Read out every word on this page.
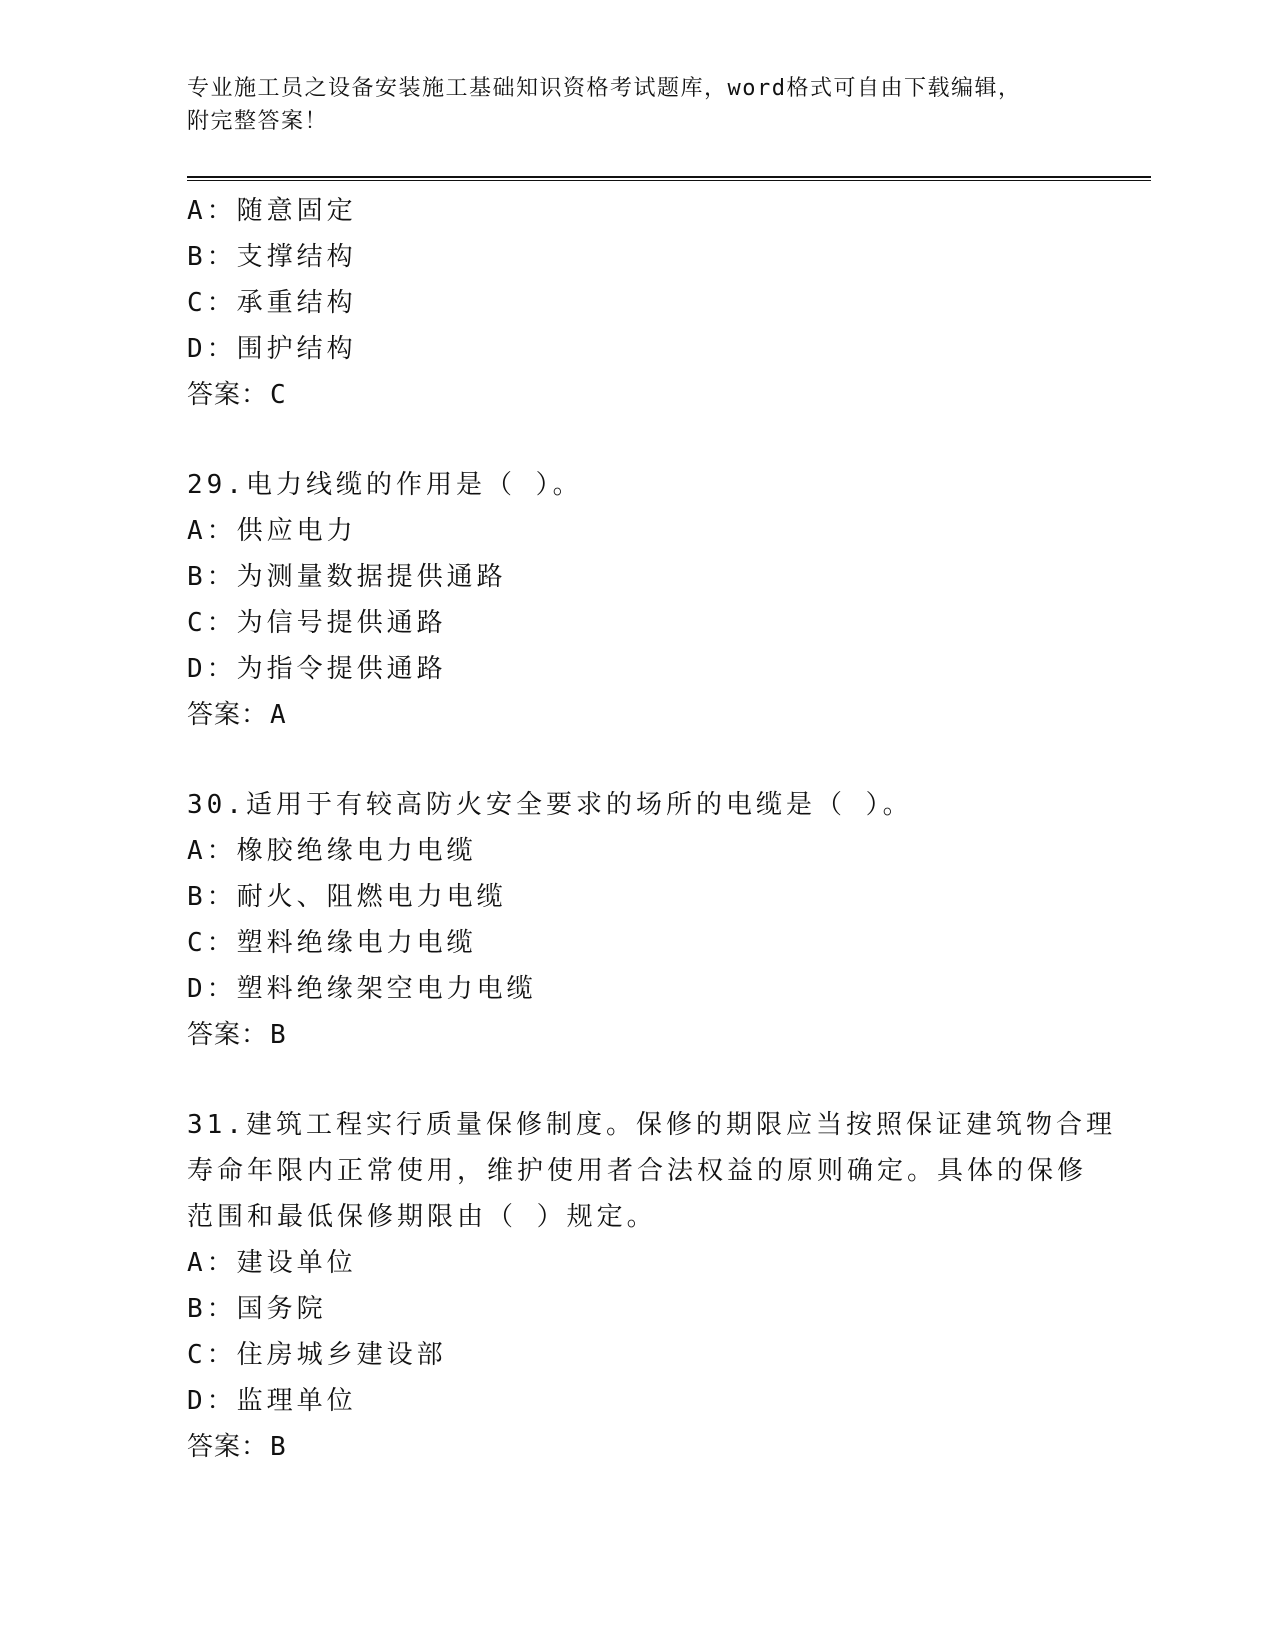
专业施工员之设备安装施工基础知识资格考试题库，word格式可自由下载编辑，
附完整答案！
A：随意固定
B：支撑结构
C：承重结构
D：围护结构
答案：C
29.电力线缆的作用是（ ）。
A：供应电力
B：为测量数据提供通路
C：为信号提供通路
D：为指令提供通路
答案：A
30.适用于有较高防火安全要求的场所的电缆是（ ）。
A：橡胶绝缘电力电缆
B：耐火、阻燃电力电缆
C：塑料绝缘电力电缆
D：塑料绝缘架空电力电缆
答案：B
31.建筑工程实行质量保修制度。保修的期限应当按照保证建筑物合理
寿命年限内正常使用，维护使用者合法权益的原则确定。具体的保修
范围和最低保修期限由（ ）规定。
A：建设单位
B：国务院
C：住房城乡建设部
D：监理单位
答案：B
